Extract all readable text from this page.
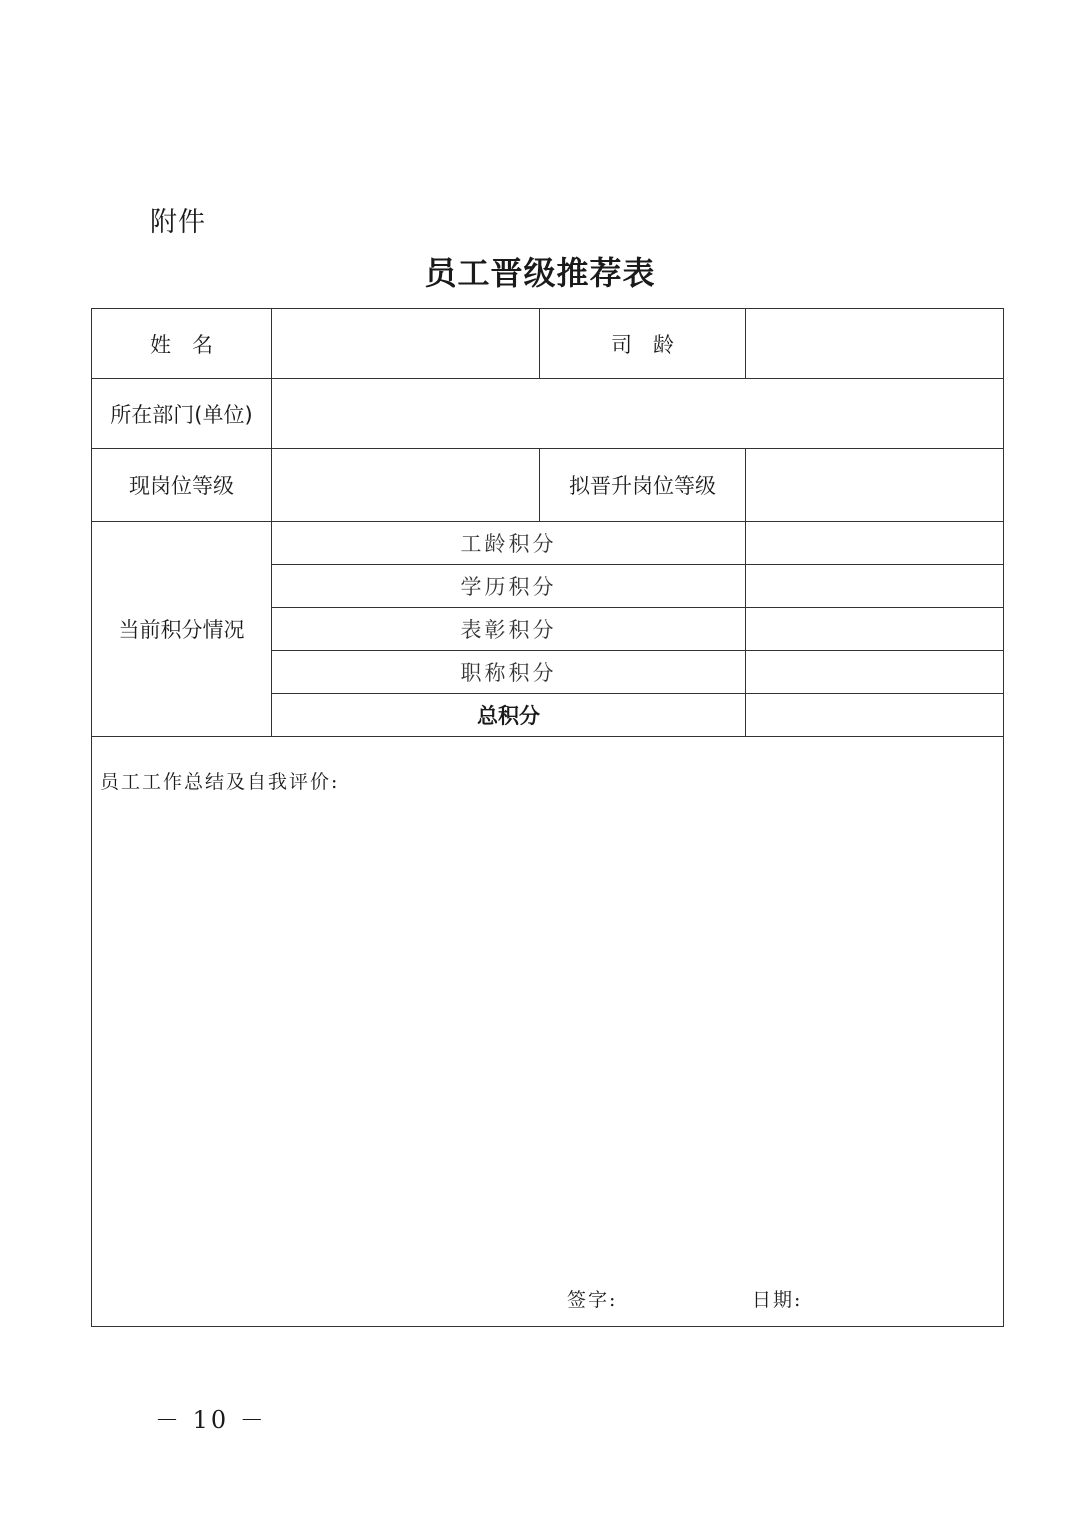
附件
员工晋级推荐表
姓　名		司　龄	
所在部门(单位)			
现岗位等级		拟晋升岗位等级	
当前积分情况	工龄积分		
	学历积分		
	表彰积分		
	职称积分		
	总积分		

员工工作总结及自我评价:
签字: 日期:			
－ 10 －
